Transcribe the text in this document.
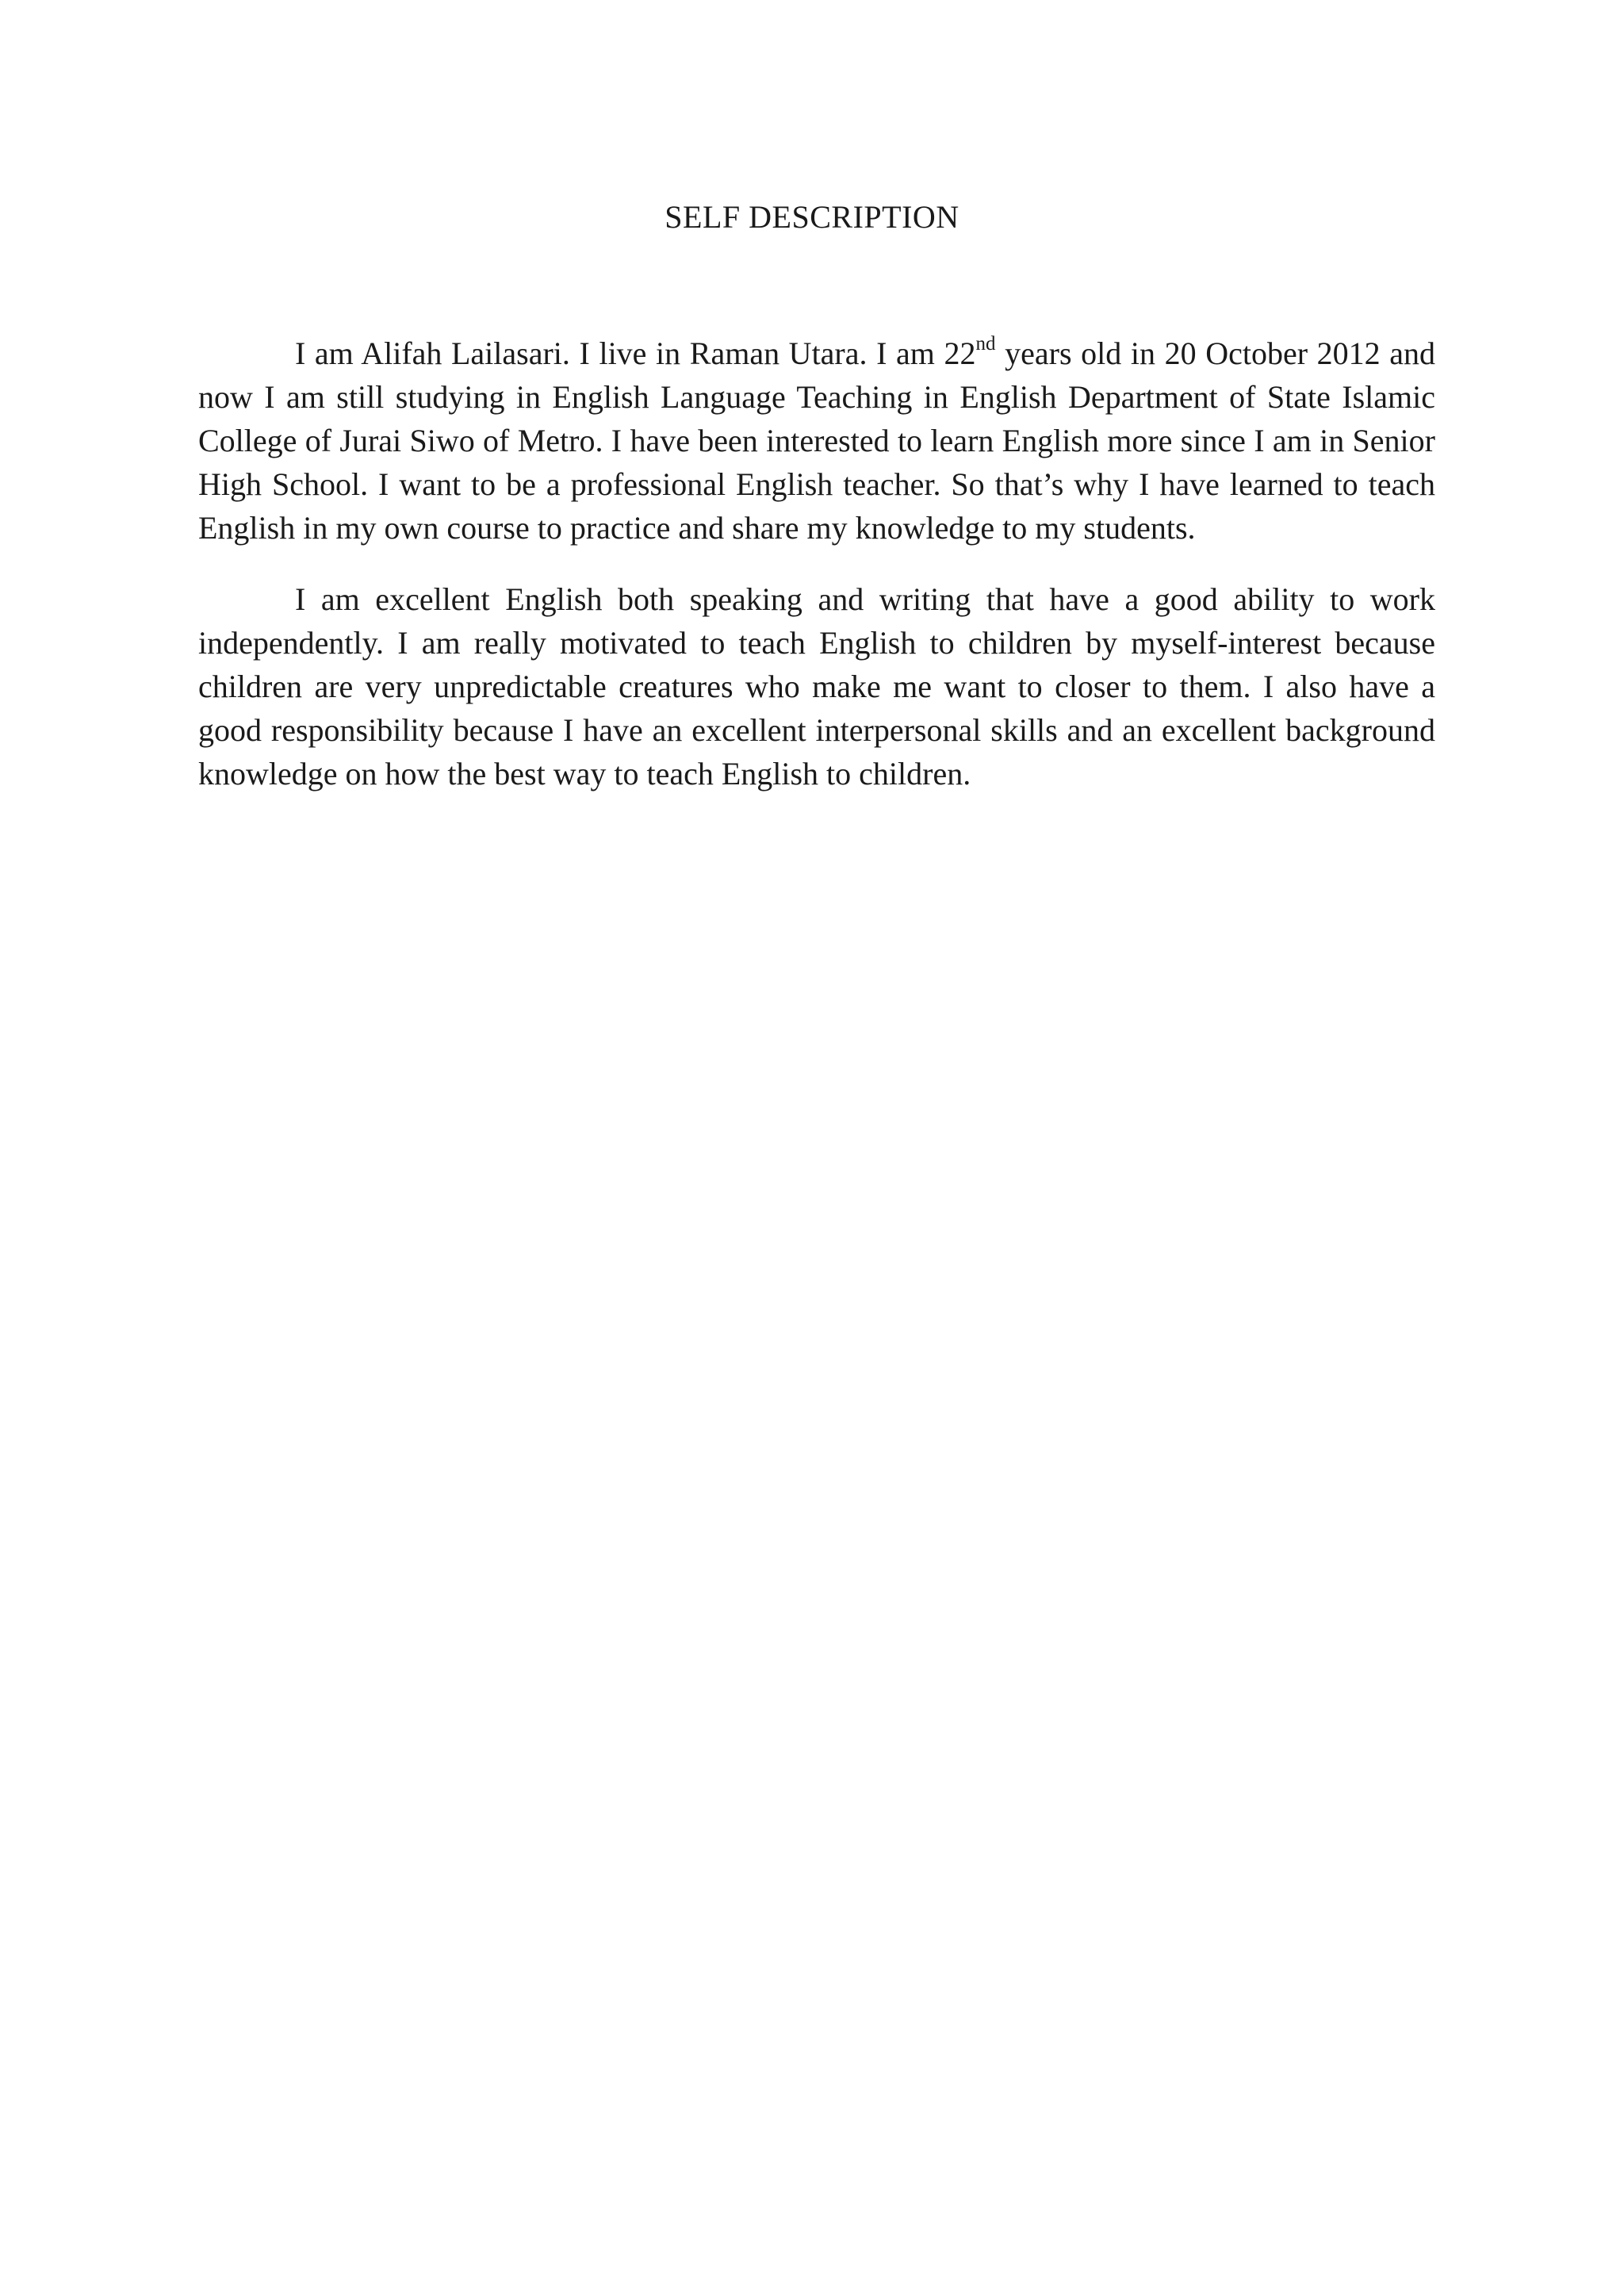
SELF DESCRIPTION

I am Alifah Lailasari. I live in Raman Utara. I am 22nd years old in 20 October 2012 and now I am still studying in English Language Teaching in English Department of State Islamic College of Jurai Siwo of Metro. I have been interested to learn English more since I am in Senior High School. I want to be a professional English teacher. So that’s why I have learned to teach English in my own course to practice and share my knowledge to my students.

I am excellent English both speaking and writing that have a good ability to work independently. I am really motivated to teach English to children by myself-interest because children are very unpredictable creatures who make me want to closer to them. I also have a good responsibility because I have an excellent interpersonal skills and an excellent background knowledge on how the best way to teach English to children.
